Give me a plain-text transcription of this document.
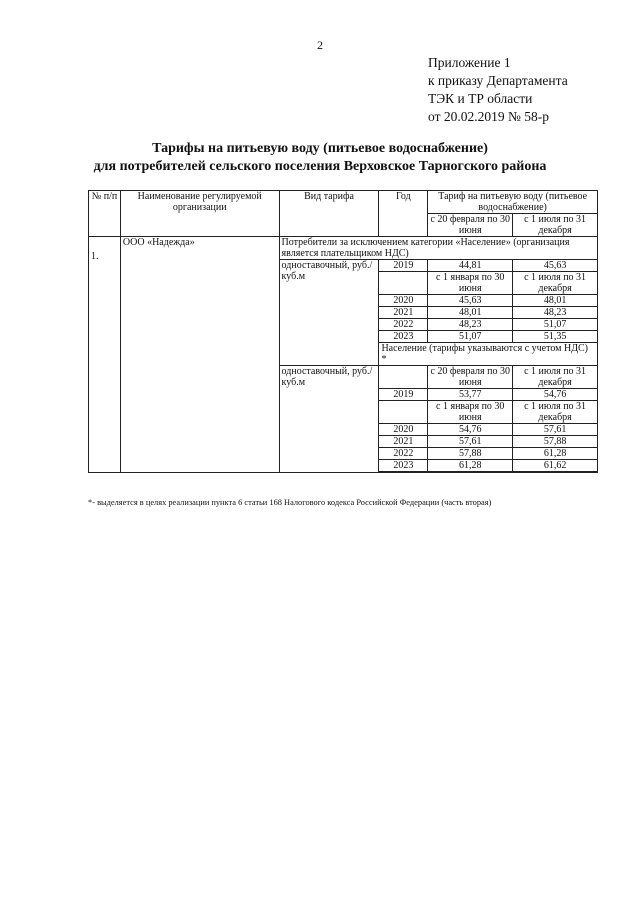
2
Приложение 1
к приказу Департамента
ТЭК и ТР области
от 20.02.2019 № 58-р
Тарифы на питьевую воду (питьевое водоснабжение)
для потребителей сельского поселения Верховское Тарногского района
№ п/п	Наименование регулируемой организации	Вид тарифа	Год	Тариф на питьевую воду (питьевое водоснабжение)	
				с 20 февраля по 30 июня	с 1 июля по 31 декабря
1.	ООО «Надежда»	Потребители за исключением категории «Население» (организация является плательщиком НДС)			
		одноставочный, руб./куб.м	2019	44,81	45,63
				с 1 января по 30 июня	с 1 июля по 31 декабря
			2020	45,63	48,01
			2021	48,01	48,23
			2022	48,23	51,07
			2023	51,07	51,35
			Население (тарифы указываются с учетом НДС) *		
		одноставочный, руб./куб.м		с 20 февраля по 30 июня	с 1 июля по 31 декабря
			2019	53,77	54,76
				с 1 января по 30 июня	с 1 июля по 31 декабря
			2020	54,76	57,61
			2021	57,61	57,88
			2022	57,88	61,28
			2023	61,28	61,62

*- выделяется в целях реализации пункта 6 статьи 168 Налогового кодекса Российской Федерации (часть вторая)
